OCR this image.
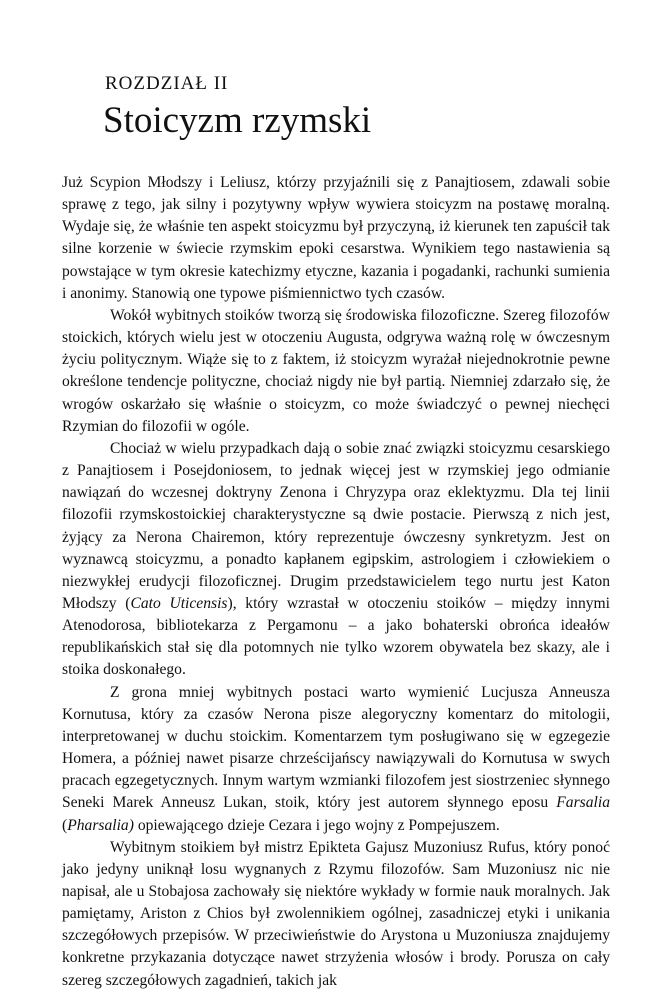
ROZDZIAŁ II
Stoicyzm rzymski

Już Scypion Młodszy i Leliusz, którzy przyjaźnili się z Panajtiosem, zdawali sobie sprawę z tego, jak silny i pozytywny wpływ wywiera stoicyzm na postawę moralną. Wydaje się, że właśnie ten aspekt stoicyzmu był przyczyną, iż kierunek ten zapuścił tak silne korzenie w świecie rzymskim epoki cesarstwa. Wynikiem tego nastawienia są powstające w tym okresie katechizmy etyczne, kazania i pogadanki, rachunki sumienia i anonimy. Stanowią one typowe piśmiennictwo tych czasów.

Wokół wybitnych stoików tworzą się środowiska filozoficzne. Szereg filozofów stoickich, których wielu jest w otoczeniu Augusta, odgrywa ważną rolę w ówczesnym życiu politycznym. Wiąże się to z faktem, iż stoicyzm wyrażał niejednokrotnie pewne określone tendencje polityczne, chociaż nigdy nie był partią. Niemniej zdarzało się, że wrogów oskarżało się właśnie o stoicyzm, co może świadczyć o pewnej niechęci Rzymian do filozofii w ogóle.

Chociaż w wielu przypadkach dają o sobie znać związki stoicyzmu cesarskiego z Panajtiosem i Posejdoniosem, to jednak więcej jest w rzymskiej jego odmianie nawiązań do wczesnej doktryny Zenona i Chryzypa oraz eklektyzmu. Dla tej linii filozofii rzymskostoickiej charakterystyczne są dwie postacie. Pierwszą z nich jest, żyjący za Nerona Chairemon, który reprezentuje ówczesny synkretyzm. Jest on wyznawcą stoicyzmu, a ponadto kapłanem egipskim, astrologiem i człowiekiem o niezwykłej erudycji filozoficznej. Drugim przedstawicielem tego nurtu jest Katon Młodszy (Cato Uticensis), który wzrastał w otoczeniu stoików – między innymi Atenodorosa, bibliotekarza z Pergamonu – a jako bohaterski obrońca ideałów republikańskich stał się dla potomnych nie tylko wzorem obywatela bez skazy, ale i stoika doskonałego.

Z grona mniej wybitnych postaci warto wymienić Lucjusza Anneusza Kornutusa, który za czasów Nerona pisze alegoryczny komentarz do mitologii, interpretowanej w duchu stoickim. Komentarzem tym posługiwano się w egzegezie Homera, a później nawet pisarze chrześcijańscy nawiązywali do Kornutusa w swych pracach egzegetycznych. Innym wartym wzmianki filozofem jest siostrzeniec słynnego Seneki Marek Anneusz Lukan, stoik, który jest autorem słynnego eposu Farsalia (Pharsalia) opiewającego dzieje Cezara i jego wojny z Pompejuszem.

Wybitnym stoikiem był mistrz Epikteta Gajusz Muzoniusz Rufus, który ponoć jako jedyny uniknął losu wygnanych z Rzymu filozofów. Sam Muzoniusz nic nie napisał, ale u Stobajosa zachowały się niektóre wykłady w formie nauk moralnych. Jak pamiętamy, Ariston z Chios był zwolennikiem ogólnej, zasadniczej etyki i unikania szczegółowych przepisów. W przeciwieństwie do Arystona u Muzoniusza znajdujemy konkretne przykazania dotyczące nawet strzyżenia włosów i brody. Porusza on cały szereg szczegółowych zagadnień, takich jak
